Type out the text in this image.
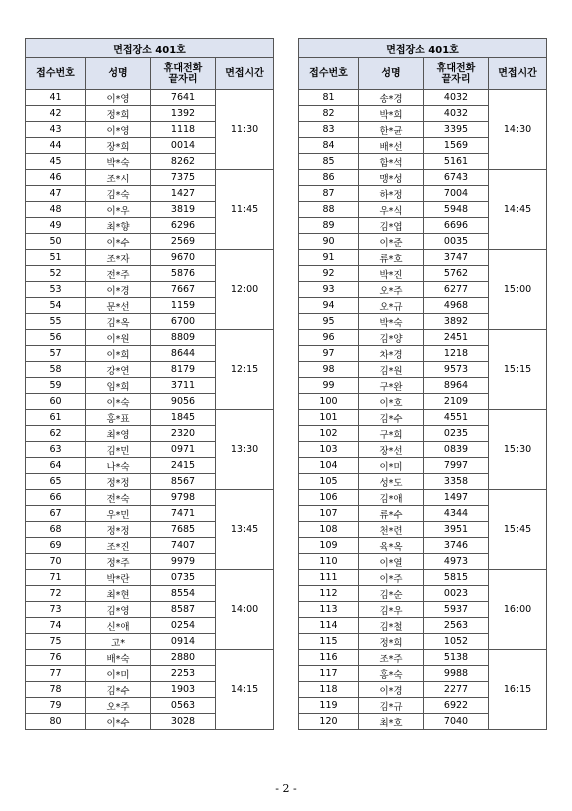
면접장소 401호			
접수번호	성명	휴대전화
끝자리	면접시간
41	이*영	7641	11:30
42	정*희	1392	
43	이*영	1118	
44	장*희	0014	
45	박*숙	8262	
46	조*시	7375	11:45
47	김*숙	1427	
48	이*우	3819	
49	최*향	6296	
50	이*수	2569	
51	조*자	9670	12:00
52	전*주	5876	
53	이*경	7667	
54	문*선	1159	
55	김*옥	6700	
56	이*원	8809	12:15
57	이*희	8644	
58	강*연	8179	
59	임*희	3711	
60	이*숙	9056	
61	홍*표	1845	13:30
62	최*영	2320	
63	김*민	0971	
64	나*숙	2415	
65	정*정	8567	
66	전*숙	9798	13:45
67	우*민	7471	
68	정*정	7685	
69	조*진	7407	
70	정*주	9979	
71	박*란	0735	14:00
72	최*현	8554	
73	김*영	8587	
74	신*애	0254	
75	고*	0914	
76	배*숙	2880	14:15
77	이*미	2253	
78	김*수	1903	
79	오*주	0563	
80	이*수	3028	
면접장소 401호			
접수번호	성명	휴대전화
끝자리	면접시간
81	송*경	4032	14:30
82	박*희	4032	
83	한*균	3395	
84	배*선	1569	
85	함*석	5161	
86	맹*성	6743	14:45
87	하*정	7004	
88	우*식	5948	
89	김*엽	6696	
90	이*준	0035	
91	류*호	3747	15:00
92	박*진	5762	
93	오*주	6277	
94	오*규	4968	
95	박*숙	3892	
96	김*양	2451	15:15
97	차*경	1218	
98	김*원	9573	
99	구*완	8964	
100	이*호	2109	
101	김*수	4551	15:30
102	구*희	0235	
103	장*선	0839	
104	이*미	7997	
105	성*도	3358	
106	김*애	1497	15:45
107	류*수	4344	
108	천*련	3951	
109	육*옥	3746	
110	이*열	4973	
111	이*주	5815	16:00
112	김*순	0023	
113	김*우	5937	
114	김*철	2563	
115	정*희	1052	
116	조*주	5138	16:15
117	홍*숙	9988	
118	이*경	2277	
119	김*규	6922	
120	최*호	7040	
- 2 -
